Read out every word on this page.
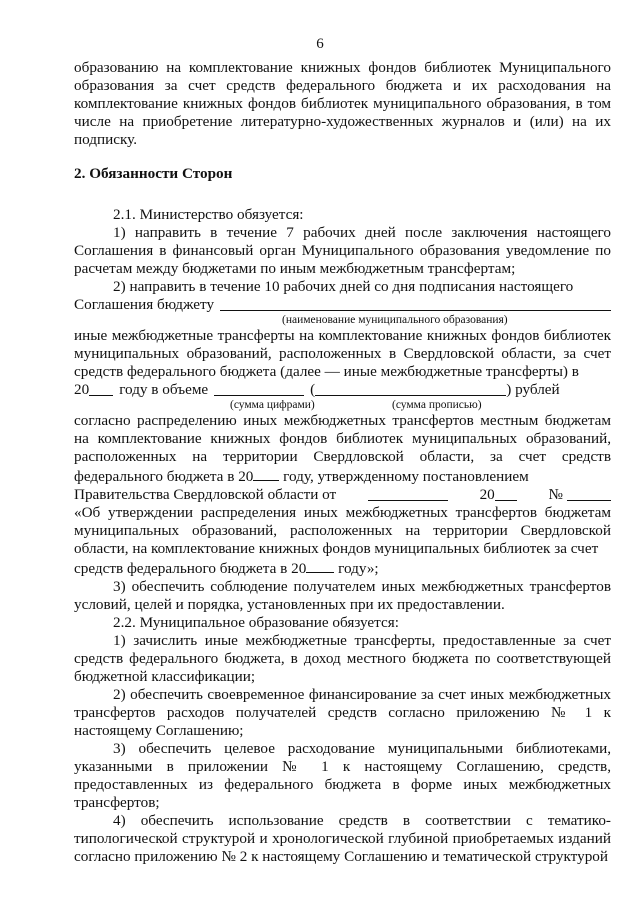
6

образованию на комплектование книжных фондов библиотек Муниципального образования за счет средств федерального бюджета и их расходования на комплектование книжных фондов библиотек муниципального образования, в том числе на приобретение литературно-художественных журналов и (или) на их подписку.

2. Обязанности Сторон

2.1. Министерство обязуется:

1) направить в течение 7 рабочих дней после заключения настоящего Соглашения в финансовый орган Муниципального образования уведомление по расчетам между бюджетами по иным межбюджетным трансфертам;

2) направить в течение 10 рабочих дней со дня подписания настоящего

Соглашения бюджету
(наименование муниципального образования)

иные межбюджетные трансферты на комплектование книжных фондов библиотек муниципальных образований, расположенных в Свердловской области, за счет средств федерального бюджета (далее — иные межбюджетные трансферты) в

20 году в объеме	(	) рублей
(сумма цифрами)	(сумма прописью)

согласно распределению иных межбюджетных трансфертов местным бюджетам на комплектование книжных фондов библиотек муниципальных образований, расположенных на территории Свердловской области, за счет средств федерального бюджета в 20 году, утвержденному постановлением

Правительства Свердловской области от	20	№

«Об утверждении распределения иных межбюджетных трансфертов бюджетам муниципальных образований, расположенных на территории Свердловской области, на комплектование книжных фондов муниципальных библиотек за счет

средств федерального бюджета в 20 году»;

3) обеспечить соблюдение получателем иных межбюджетных трансфертов условий, целей и порядка, установленных при их предоставлении.

2.2. Муниципальное образование обязуется:

1) зачислить иные межбюджетные трансферты, предоставленные за счет средств федерального бюджета, в доход местного бюджета по соответствующей бюджетной классификации;

2) обеспечить своевременное финансирование за счет иных межбюджетных трансфертов расходов получателей средств согласно приложению № 1 к настоящему Соглашению;

3) обеспечить целевое расходование муниципальными библиотеками, указанными в приложении № 1 к настоящему Соглашению, средств, предоставленных из федерального бюджета в форме иных межбюджетных трансфертов;

4) обеспечить использование средств в соответствии с тематико-типологической структурой и хронологической глубиной приобретаемых изданий согласно приложению № 2 к настоящему Соглашению и тематической структурой
